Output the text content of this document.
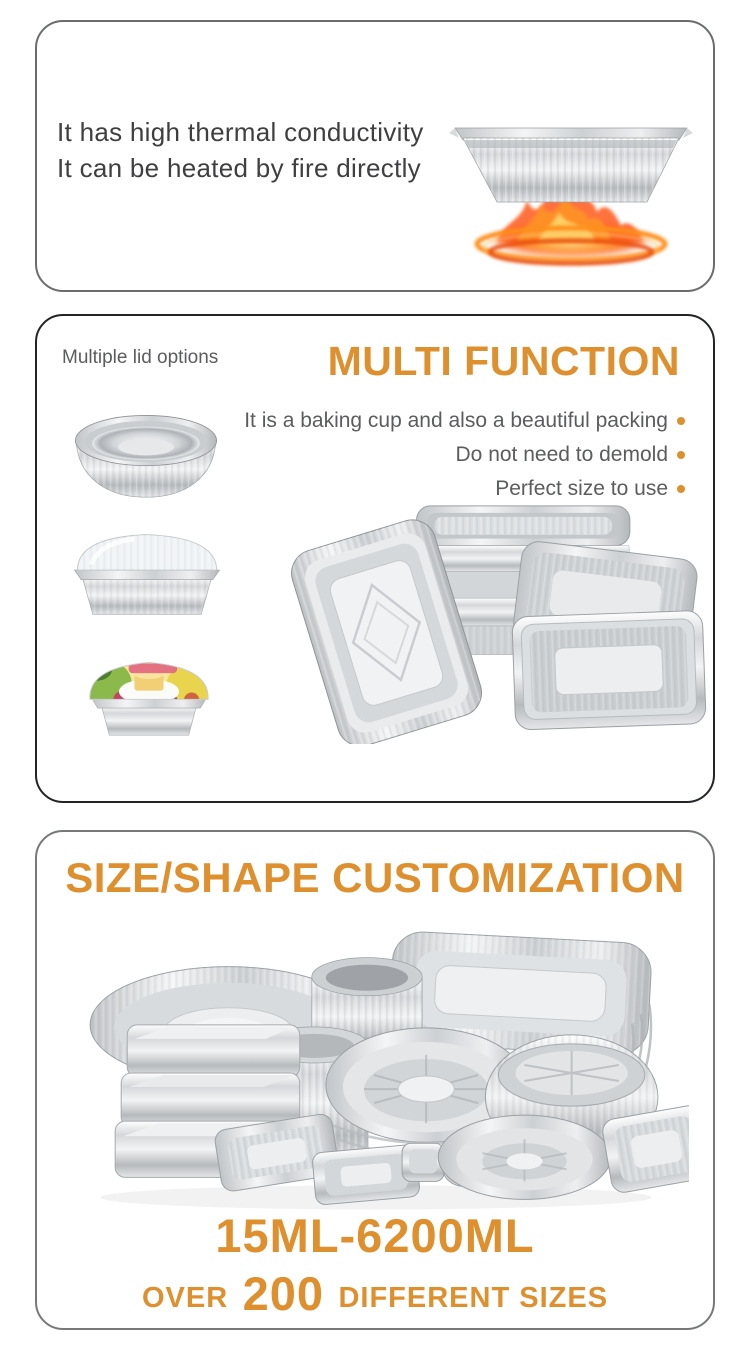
It has high thermal conductivity

It can be heated by fire directly

Multiple lid options	MULTI FUNCTION
It is a baking cup and also a beautiful packing
Do not need to demold
Perfect size to use
SIZE/SHAPE CUSTOMIZATION

15ML-6200ML

OVER 200 DIFFERENT SIZES
